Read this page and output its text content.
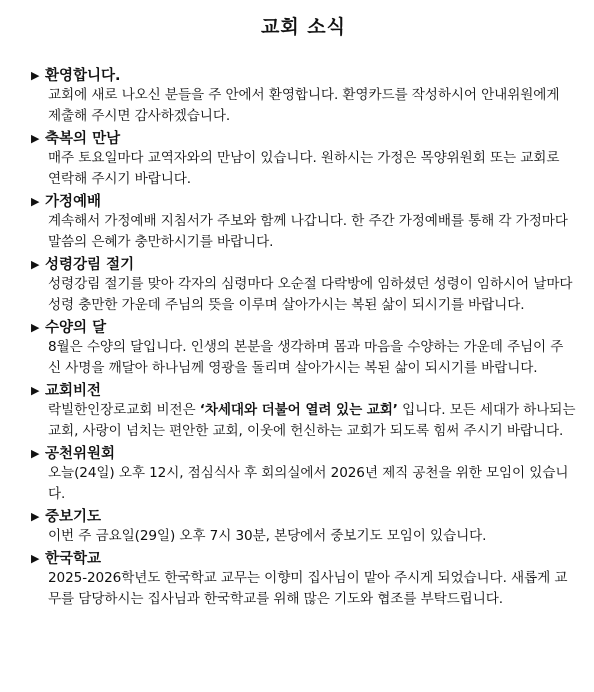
교회 소식
▶ 환영합니다.

교회에 새로 나오신 분들을 주 안에서 환영합니다. 환영카드를 작성하시어 안내위원에게 제출해 주시면 감사하겠습니다.

▶ 축복의 만남

매주 토요일마다 교역자와의 만남이 있습니다. 원하시는 가정은 목양위원회 또는 교회로 연락해 주시기 바랍니다.

▶ 가정예배

계속해서 가정예배 지침서가 주보와 함께 나갑니다. 한 주간 가정예배를 통해 각 가정마다 말씀의 은혜가 충만하시기를 바랍니다.

▶ 성령강림 절기

성령강림 절기를 맞아 각자의 심령마다 오순절 다락방에 임하셨던 성령이 임하시어 날마다 성령 충만한 가운데 주님의 뜻을 이루며 살아가시는 복된 삶이 되시기를 바랍니다.

▶ 수양의 달

8월은 수양의 달입니다. 인생의 본분을 생각하며 몸과 마음을 수양하는 가운데 주님이 주신 사명을 깨달아 하나님께 영광을 돌리며 살아가시는 복된 삶이 되시기를 바랍니다.

▶ 교회비전

락빌한인장로교회 비전은 ‘차세대와 더불어 열려 있는 교회’ 입니다. 모든 세대가 하나되는 교회, 사랑이 넘치는 편안한 교회, 이웃에 헌신하는 교회가 되도록 힘써 주시기 바랍니다.

▶ 공천위원회

오늘(24일) 오후 12시, 점심식사 후 회의실에서 2026년 제직 공천을 위한 모임이 있습니다.

▶ 중보기도

이번 주 금요일(29일) 오후 7시 30분, 본당에서 중보기도 모임이 있습니다.

▶ 한국학교

2025-2026학년도 한국학교 교무는 이향미 집사님이 맡아 주시게 되었습니다. 새롭게 교무를 담당하시는 집사님과 한국학교를 위해 많은 기도와 협조를 부탁드립니다.
